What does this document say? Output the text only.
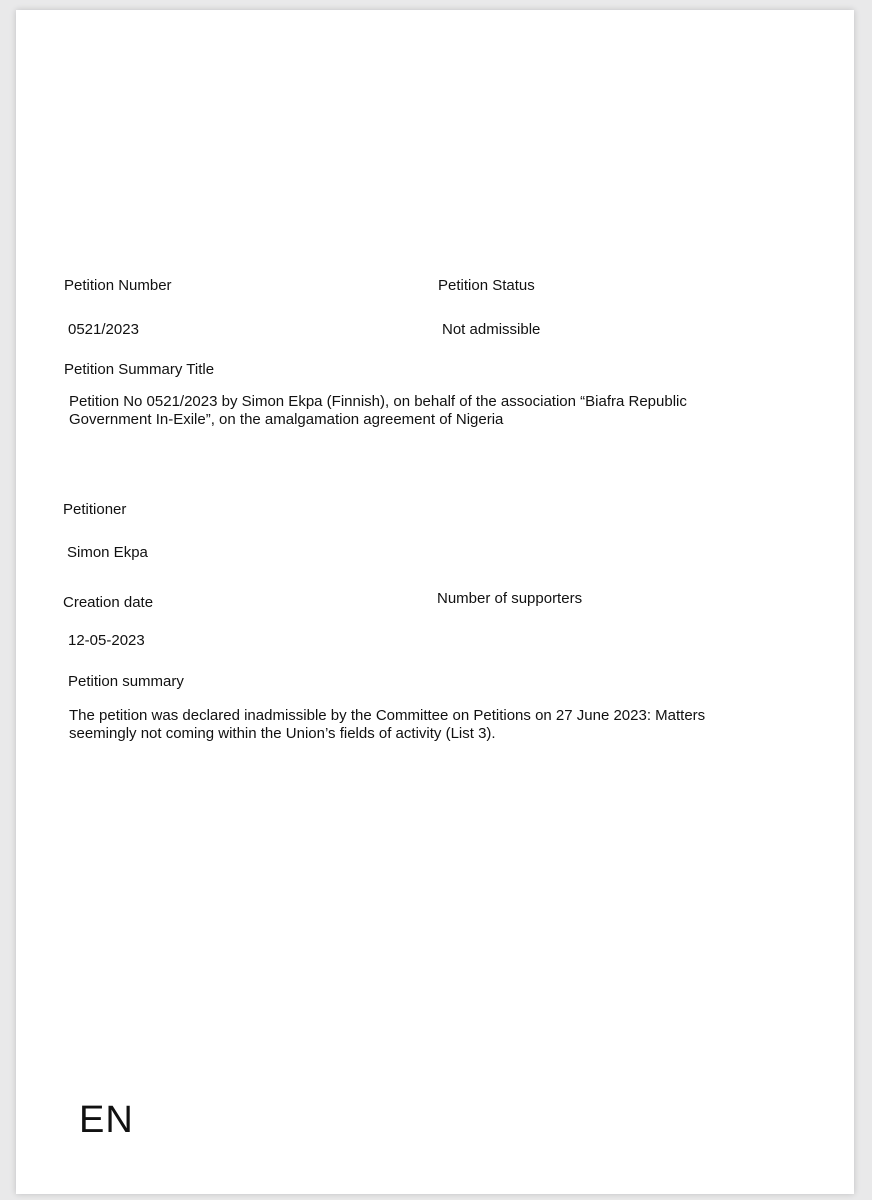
Petition Number	Petition Status
0521/2023	Not admissible
Petition Summary Title
Petition No 0521/2023 by Simon Ekpa (Finnish), on behalf of the association “Biafra Republic
Government In-Exile”, on the amalgamation agreement of Nigeria
Petitioner
Simon Ekpa
Creation date	Number of supporters
12-05-2023
Petition summary
The petition was declared inadmissible by the Committee on Petitions on 27 June 2023: Matters
seemingly not coming within the Union’s fields of activity (List 3).
EN
